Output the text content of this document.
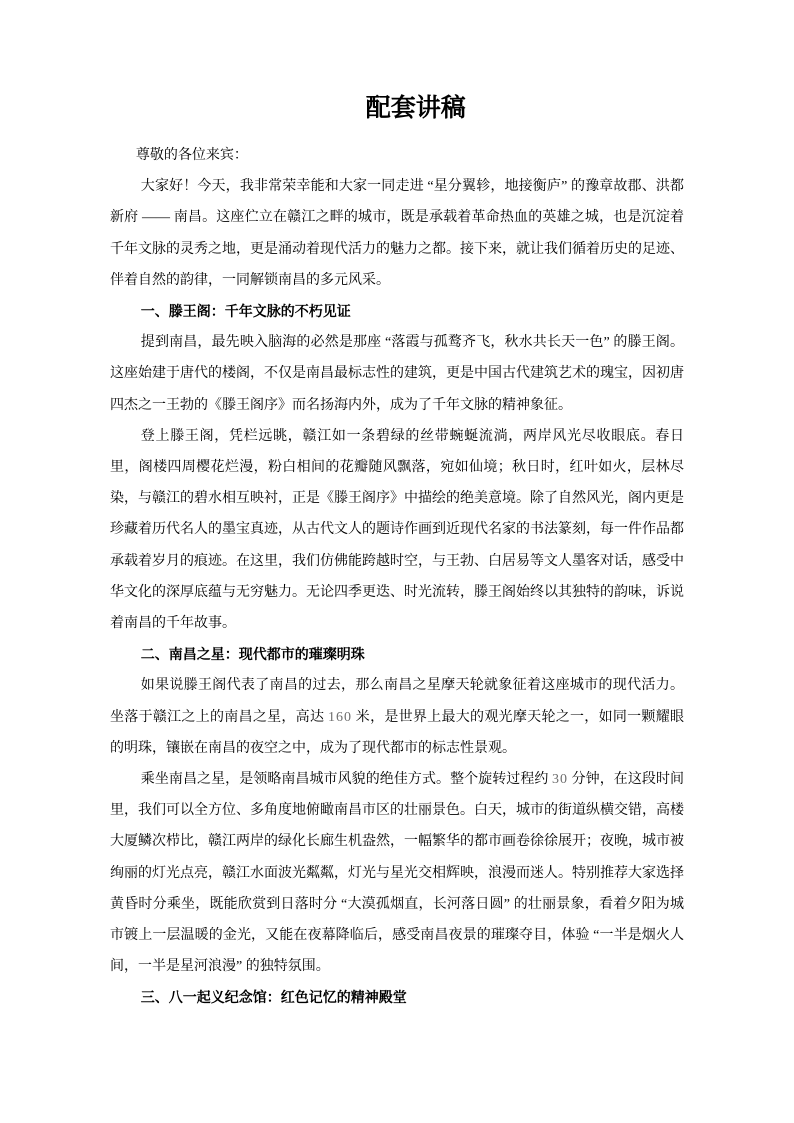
配套讲稿

尊敬的各位来宾：

大家好！今天，我非常荣幸能和大家一同走进 “星分翼轸，地接衡庐” 的豫章故郡、洪都新府 —— 南昌。这座伫立在赣江之畔的城市，既是承载着革命热血的英雄之城，也是沉淀着千年文脉的灵秀之地，更是涌动着现代活力的魅力之都。接下来，就让我们循着历史的足迹、伴着自然的韵律，一同解锁南昌的多元风采。

一、滕王阁：千年文脉的不朽见证

提到南昌，最先映入脑海的必然是那座 “落霞与孤鹜齐飞，秋水共长天一色” 的滕王阁。这座始建于唐代的楼阁，不仅是南昌最标志性的建筑，更是中国古代建筑艺术的瑰宝，因初唐四杰之一王勃的《滕王阁序》而名扬海内外，成为了千年文脉的精神象征。

登上滕王阁，凭栏远眺，赣江如一条碧绿的丝带蜿蜒流淌，两岸风光尽收眼底。春日里，阁楼四周樱花烂漫，粉白相间的花瓣随风飘落，宛如仙境；秋日时，红叶如火，层林尽染，与赣江的碧水相互映衬，正是《滕王阁序》中描绘的绝美意境。除了自然风光，阁内更是珍藏着历代名人的墨宝真迹，从古代文人的题诗作画到近现代名家的书法篆刻，每一件作品都承载着岁月的痕迹。在这里，我们仿佛能跨越时空，与王勃、白居易等文人墨客对话，感受中华文化的深厚底蕴与无穷魅力。无论四季更迭、时光流转，滕王阁始终以其独特的韵味，诉说着南昌的千年故事。

二、南昌之星：现代都市的璀璨明珠

如果说滕王阁代表了南昌的过去，那么南昌之星摩天轮就象征着这座城市的现代活力。坐落于赣江之上的南昌之星，高达 160 米，是世界上最大的观光摩天轮之一，如同一颗耀眼的明珠，镶嵌在南昌的夜空之中，成为了现代都市的标志性景观。

乘坐南昌之星，是领略南昌城市风貌的绝佳方式。整个旋转过程约 30 分钟，在这段时间里，我们可以全方位、多角度地俯瞰南昌市区的壮丽景色。白天，城市的街道纵横交错，高楼大厦鳞次栉比，赣江两岸的绿化长廊生机盎然，一幅繁华的都市画卷徐徐展开；夜晚，城市被绚丽的灯光点亮，赣江水面波光粼粼，灯光与星光交相辉映，浪漫而迷人。特别推荐大家选择黄昏时分乘坐，既能欣赏到日落时分 “大漠孤烟直，长河落日圆” 的壮丽景象，看着夕阳为城市镀上一层温暖的金光，又能在夜幕降临后，感受南昌夜景的璀璨夺目，体验 “一半是烟火人间，一半是星河浪漫” 的独特氛围。

三、八一起义纪念馆：红色记忆的精神殿堂
